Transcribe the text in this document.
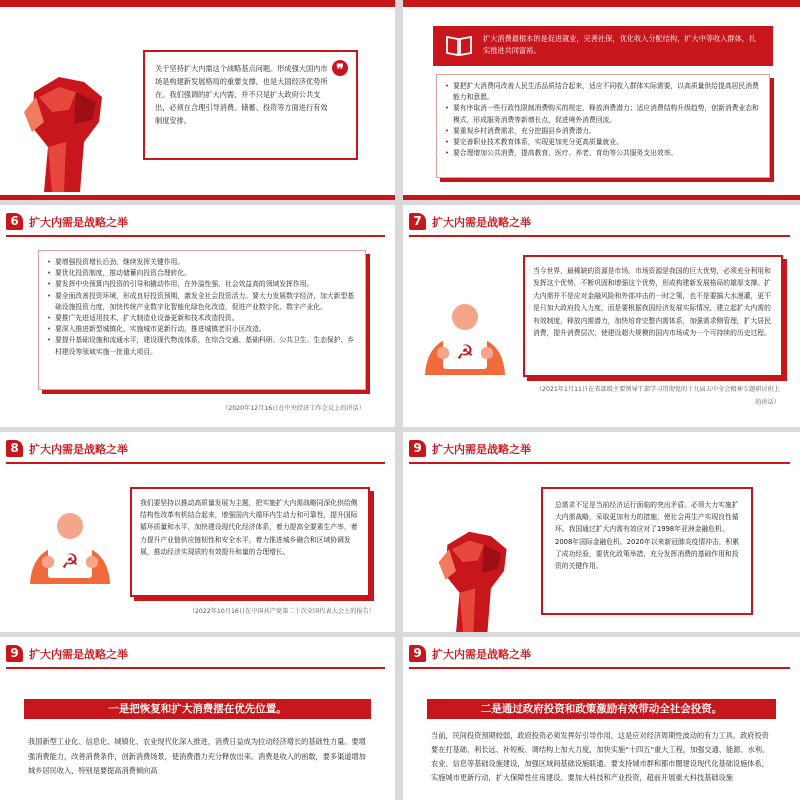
关于坚持扩大内需这个战略基点问题。形成强大国内市场是构建新发展格局的重要支撑，也是大国经济优势所在。我们强调的扩大内需，并不只是扩大政府公共支出，必须在合理引导消费、储蓄、投资等方面进行有效制度安排。
❞
扩大消费最根本的是促进就业，完善社保，优化收入分配结构，扩大中等收入群体，扎实推进共同富裕。
• 要把扩大消费同改善人民生活品质结合起来，适应不同收入群体实际需要，以高质量供给提高居民消费能力和意愿。
• 要有序取消一些行政性限制消费购买的规定，释放消费潜力；适应消费结构升级趋势，创新消费业态和模式，形成服务消费等新增长点，促进境外消费回流。
• 要重视乡村消费需求，充分挖掘县乡消费潜力。
• 要完善职业技术教育体系，实现更加充分更高质量就业。
• 要合理增加公共消费，提高教育、医疗、养老、育幼等公共服务支出效率。
6 扩大内需是战略之举
• 要增强投资增长后劲，继续发挥关键作用。
• 要优化投资制度，推动储蓄向投资合理转化。
• 要发挥中央预算内投资的引导和撬动作用，在外溢性强、社会效益高的领域发挥作用。
• 要全面改善投资环境，形成良好投资预期，激发全社会投资活力。要大力发展数字经济，加大新型基础设施投资力度，加快传统产业数字化智能化绿色化改造，促进产业数字化、数字产业化。
• 要推广先进适用技术，扩大制造业设备更新和技术改造投资。
• 要深入推进新型城镇化，实施城市更新行动，推进城镇老旧小区改造。
• 要提升基础设施和流通水平，建设现代物流体系，在综合交通、基础科研、公共卫生、生态保护、乡村建设等领域实施一批重大项目。
（2020年12月16日在中央经济工作会议上的讲话）
7 扩大内需是战略之举
☭

当今世界，最稀缺的资源是市场。市场资源是我国的巨大优势，必须充分利用和发挥这个优势，不断巩固和增强这个优势，形成构建新发展格局的雄厚支撑。扩大内需并不是应对金融风险和外部冲击的一时之策，也不是要搞大水漫灌，更不是只加大政府投入力度，而是要根据我国经济发展实际情况，建立起扩大内需的有效制度，释放内需潜力，加快培育完整内需体系，加强需求侧管理，扩大居民消费，提升消费层次，使建设超大规模的国内市场成为一个可持续的历史过程。

（2021年1月11日在省部级主要领导干部学习贯彻党的十九届五中全会精神专题研讨班上的讲话）
8 扩大内需是战略之举
☭

我们要坚持以推动高质量发展为主题，把实施扩大内需战略同深化供给侧结构性改革有机结合起来，增强国内大循环内生动力和可靠性，提升国际循环质量和水平，加快建设现代化经济体系，着力提高全要素生产率，着力提升产业链供应链韧性和安全水平，着力推进城乡融合和区域协调发展，推动经济实现质的有效提升和量的合理增长。

（2022年10月16日在中国共产党第二十次全国代表大会上的报告）
9 扩大内需是战略之举
总需求不足是当前经济运行面临的突出矛盾。必须大力实施扩大内需战略，采取更加有力的措施，使社会再生产实现良性循环。我国通过扩大内需有效应对了1998年亚洲金融危机、2008年国际金融危机、2020年以来新冠肺炎疫情冲击，积累了成功经验，要优化政策举措，充分发挥消费的基础作用和投资的关键作用。
9 扩大内需是战略之举
一是把恢复和扩大消费摆在优先位置。
我国新型工业化、信息化、城镇化、农业现代化深入推进，消费日益成为拉动经济增长的基础性力量。要增强消费能力，改善消费条件，创新消费场景，使消费潜力充分释放出来。消费是收入的函数，要多渠道增加城乡居民收入，特别是要提高消费倾向高
9 扩大内需是战略之举
二是通过政府投资和政策激励有效带动全社会投资。
当前，民间投资预期较弱，政府投资必须发挥好引导作用，这是应对经济周期性波动的有力工具。政府投资要在打基础、利长远、补短板、调结构上加大力度，加快实施“十四五”重大工程，加强交通、能源、水利、农业、信息等基础设施建设，加强区域间基础设施联通。要支持城市群和都市圈建设现代化基础设施体系，实施城市更新行动，扩大保障性住房建设。要加大科技和产业投资，超前开展重大科技基础设施
